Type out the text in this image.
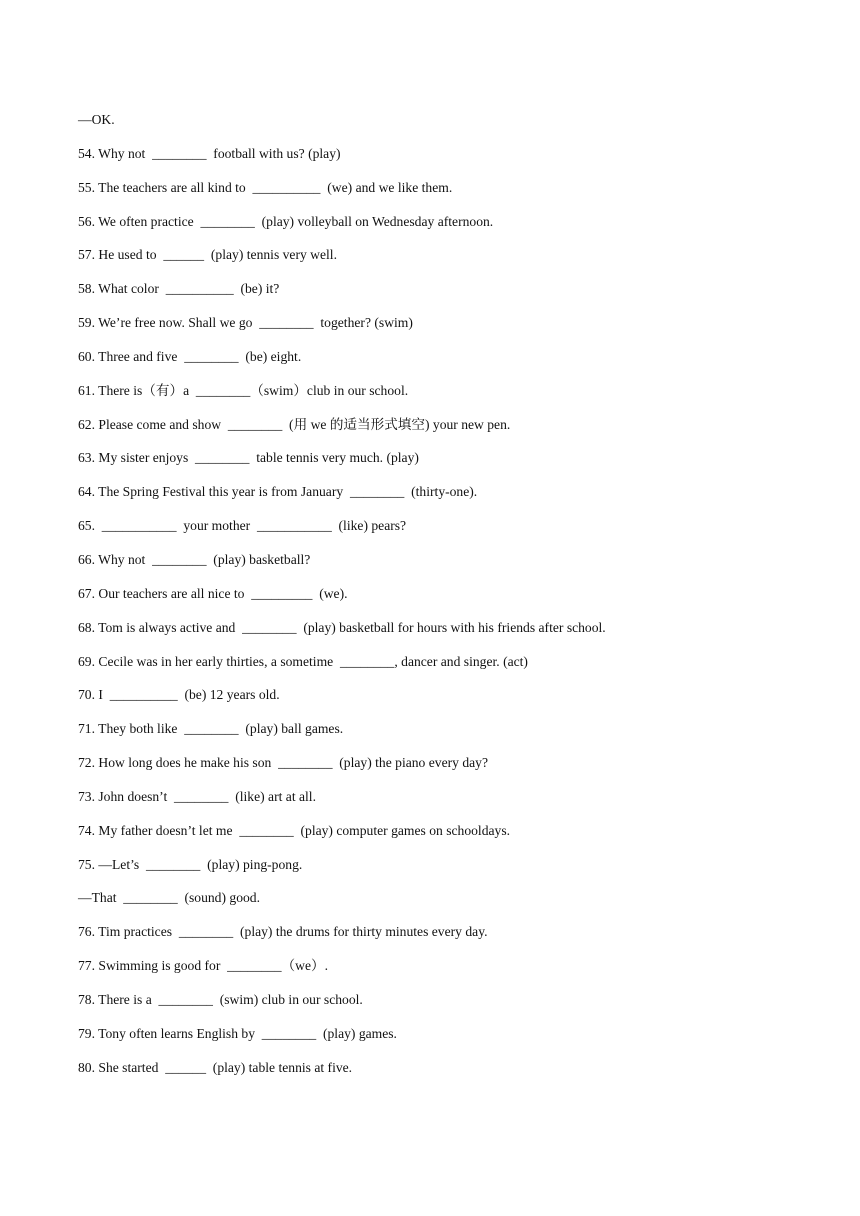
—OK.
54. Why not  ________  football with us? (play)
55. The teachers are all kind to  __________  (we) and we like them.
56. We often practice  ________  (play) volleyball on Wednesday afternoon.
57. He used to  ______  (play) tennis very well.
58. What color  __________  (be) it?
59. We’re free now. Shall we go  ________  together? (swim)
60. Three and five  ________  (be) eight.
61. There is（有）a  ________（swim）club in our school.
62. Please come and show  ________  (用 we 的适当形式填空) your new pen.
63. My sister enjoys  ________  table tennis very much. (play)
64. The Spring Festival this year is from January  ________  (thirty-one).
65.  ___________  your mother  ___________  (like) pears?
66. Why not  ________  (play) basketball?
67. Our teachers are all nice to  _________  (we).
68. Tom is always active and  ________  (play) basketball for hours with his friends after school.
69. Cecile was in her early thirties, a sometime  ________, dancer and singer. (act)
70. I  __________  (be) 12 years old.
71. They both like  ________  (play) ball games.
72. How long does he make his son  ________  (play) the piano every day?
73. John doesn’t  ________  (like) art at all.
74. My father doesn’t let me  ________  (play) computer games on schooldays.
75. —Let’s  ________  (play) ping-pong.
—That  ________  (sound) good.
76. Tim practices  ________  (play) the drums for thirty minutes every day.
77. Swimming is good for  ________（we）.
78. There is a  ________  (swim) club in our school.
79. Tony often learns English by  ________  (play) games.
80. She started  ______  (play) table tennis at five.
